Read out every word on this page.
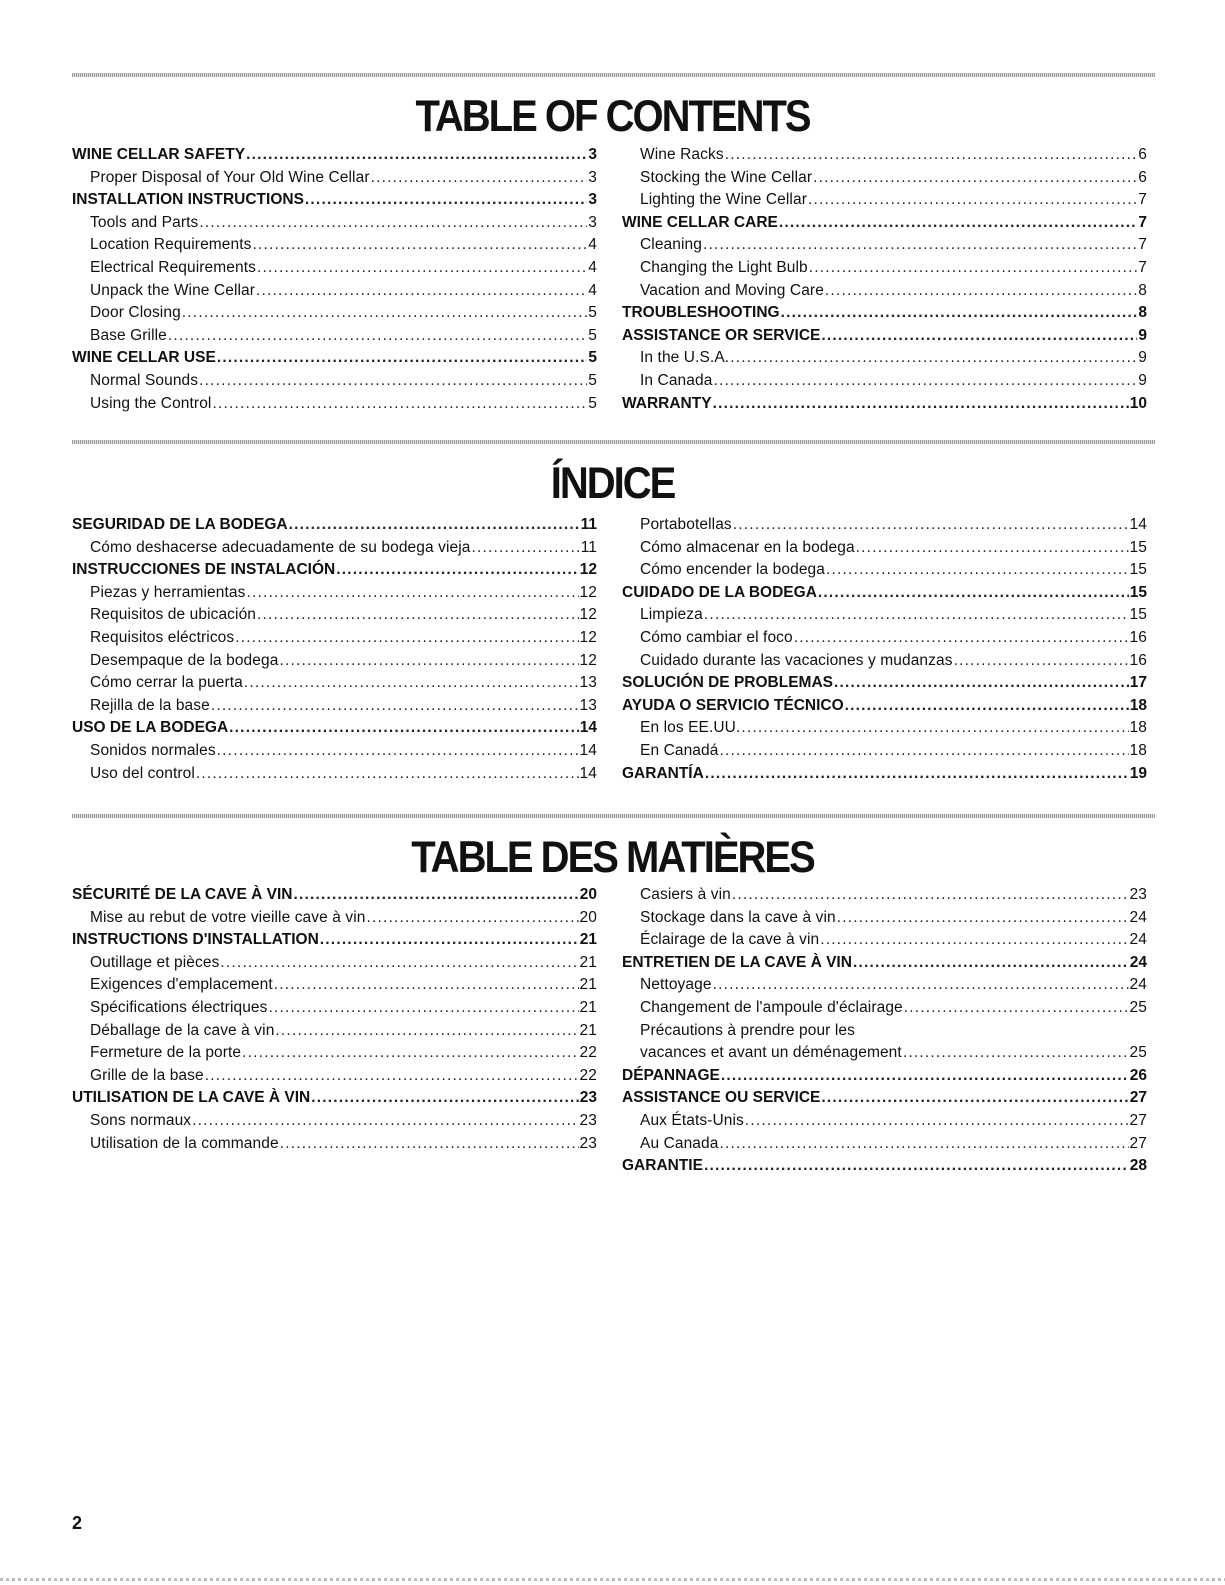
TABLE OF CONTENTS
WINE CELLAR SAFETY .....	3
Proper Disposal of Your Old Wine Cellar .....	3
INSTALLATION INSTRUCTIONS .....	3
Tools and Parts .....	3
Location Requirements .....	4
Electrical Requirements .....	4
Unpack the Wine Cellar .....	4
Door Closing .....	5
Base Grille .....	5
WINE CELLAR USE .....	5
Normal Sounds .....	5
Using the Control .....	5
Wine Racks .....	6
Stocking the Wine Cellar .....	6
Lighting the Wine Cellar .....	7
WINE CELLAR CARE .....	7
Cleaning .....	7
Changing the Light Bulb .....	7
Vacation and Moving Care .....	8
TROUBLESHOOTING .....	8
ASSISTANCE OR SERVICE .....	9
In the U.S.A. .....	9
In Canada .....	9
WARRANTY .....	10
ÍNDICE
SEGURIDAD DE LA BODEGA .....	11
Cómo deshacerse adecuadamente de su bodega vieja .....	11
INSTRUCCIONES DE INSTALACIÓN .....	12
Piezas y herramientas .....	12
Requisitos de ubicación .....	12
Requisitos eléctricos .....	12
Desempaque de la bodega .....	12
Cómo cerrar la puerta .....	13
Rejilla de la base .....	13
USO DE LA BODEGA .....	14
Sonidos normales .....	14
Uso del control .....	14
Portabotellas .....	14
Cómo almacenar en la bodega .....	15
Cómo encender la bodega .....	15
CUIDADO DE LA BODEGA .....	15
Limpieza .....	15
Cómo cambiar el foco .....	16
Cuidado durante las vacaciones y mudanzas .....	16
SOLUCIÓN DE PROBLEMAS .....	17
AYUDA O SERVICIO TÉCNICO .....	18
En los EE.UU. .....	18
En Canadá .....	18
GARANTÍA .....	19
TABLE DES MATIÈRES
SÉCURITÉ DE LA CAVE À VIN .....	20
Mise au rebut de votre vieille cave à vin .....	20
INSTRUCTIONS D'INSTALLATION .....	21
Outillage et pièces .....	21
Exigences d'emplacement .....	21
Spécifications électriques .....	21
Déballage de la cave à vin .....	21
Fermeture de la porte .....	22
Grille de la base .....	22
UTILISATION DE LA CAVE À VIN .....	23
Sons normaux .....	23
Utilisation de la commande .....	23
Casiers à vin .....	23
Stockage dans la cave à vin .....	24
Éclairage de la cave à vin .....	24
ENTRETIEN DE LA CAVE À VIN .....	24
Nettoyage .....	24
Changement de l'ampoule d'éclairage .....	25
Précautions à prendre pour les
vacances et avant un déménagement .....	25
DÉPANNAGE .....	26
ASSISTANCE OU SERVICE .....	27
Aux États-Unis .....	27
Au Canada .....	27
GARANTIE .....	28
2
